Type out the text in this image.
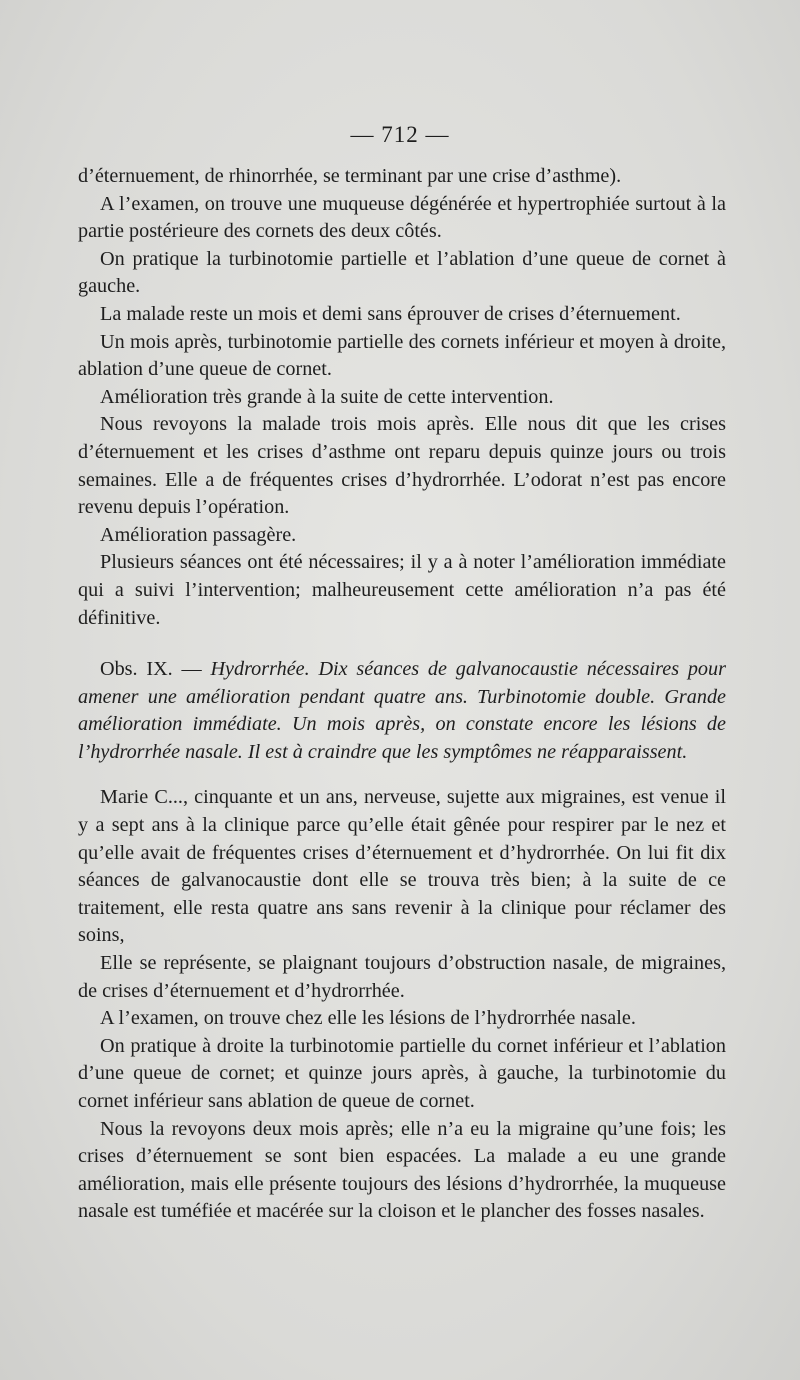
— 712 —

d’éternuement, de rhinorrhée, se terminant par une crise d’asthme).

A l’examen, on trouve une muqueuse dégénérée et hypertrophiée surtout à la partie postérieure des cornets des deux côtés.

On pratique la turbinotomie partielle et l’ablation d’une queue de cornet à gauche.

La malade reste un mois et demi sans éprouver de crises d’éternuement.

Un mois après, turbinotomie partielle des cornets inférieur et moyen à droite, ablation d’une queue de cornet.

Amélioration très grande à la suite de cette intervention.

Nous revoyons la malade trois mois après. Elle nous dit que les crises d’éternuement et les crises d’asthme ont reparu depuis quinze jours ou trois semaines. Elle a de fréquentes crises d’hydrorrhée. L’odorat n’est pas encore revenu depuis l’opération.

Amélioration passagère.

Plusieurs séances ont été nécessaires; il y a à noter l’amélioration immédiate qui a suivi l’intervention; malheureusement cette amélioration n’a pas été définitive.

Obs. IX. — Hydrorrhée. Dix séances de galvanocaustie nécessaires pour amener une amélioration pendant quatre ans. Turbinotomie double. Grande amélioration immédiate. Un mois après, on constate encore les lésions de l’hydrorrhée nasale. Il est à craindre que les symptômes ne réapparaissent.

Marie C..., cinquante et un ans, nerveuse, sujette aux migraines, est venue il y a sept ans à la clinique parce qu’elle était gênée pour respirer par le nez et qu’elle avait de fréquentes crises d’éternuement et d’hydrorrhée. On lui fit dix séances de galvanocaustie dont elle se trouva très bien; à la suite de ce traitement, elle resta quatre ans sans revenir à la clinique pour réclamer des soins,

Elle se représente, se plaignant toujours d’obstruction nasale, de migraines, de crises d’éternuement et d’hydrorrhée.

A l’examen, on trouve chez elle les lésions de l’hydrorrhée nasale.

On pratique à droite la turbinotomie partielle du cornet inférieur et l’ablation d’une queue de cornet; et quinze jours après, à gauche, la turbinotomie du cornet inférieur sans ablation de queue de cornet.

Nous la revoyons deux mois après; elle n’a eu la migraine qu’une fois; les crises d’éternuement se sont bien espacées. La malade a eu une grande amélioration, mais elle présente toujours des lésions d’hydrorrhée, la muqueuse nasale est tuméfiée et macérée sur la cloison et le plancher des fosses nasales.
